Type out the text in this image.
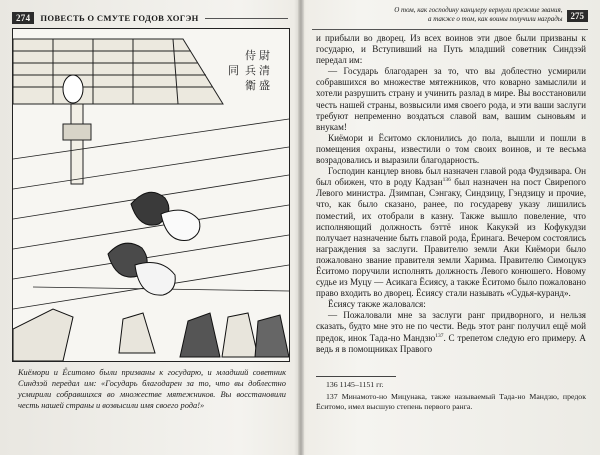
274	ПОВЕСТЬ О СМУТЕ ГОДОВ ХОГЭН
侍
兵
衛
尉
清
盛
同
Киёмори и Ёситомо были призваны к государю, и младший советник Синдзэй передал им: «Государь благодарен за то, что вы доблестно усмирили собравшихся во множестве мятежников. Вы восстановили честь нашей страны и возвысили имя своего рода!»
О том, как господину канцлеру вернули прежние звания,
а также о том, как воины получили награды 275

и прибыли во дворец. Из всех воинов эти двое были призваны к государю, и Вступивший на Путь младший советник Синдзэй передал им:

— Государь благодарен за то, что вы доблестно усмирили собравшихся во множестве мятежников, что коварно замыслили и хотели разрушить страну и учинить разлад в мире. Вы восстановили честь нашей страны, возвысили имя своего рода, и эти ваши заслуги требуют непременно воздаться славой вам, вашим сыновьям и внукам!

Киёмори и Ёситомо склонились до пола, вышли и пошли в помещения охраны, известили о том своих воинов, и те весьма возрадовались и выразили благодарность.

Господин канцлер вновь был назначен главой рода Фудзивара. Он был обижен, что в роду Кадзан$^{136}$ был назначен на пост Свирепого Левого министра. Дзимпан, Сэнгаку, Синдзицу, Гэндзицу и прочие, что, как было сказано, ранее, по государеву указу лишились поместий, их отобрали в казну. Также вышло повеление, что исполняющий должность бэттё инок Какукэй из Кофукудзи получает назначение быть главой рода, Ёринага. Вечером состоялись награждения за заслуги. Правителю земли Аки Киёмори было пожаловано звание правителя земли Харима. Правителю Симоцукэ Ёситомо поручили исполнять должность Левого конюшего. Новому судье из Муцу — Асикага Ёсиясу, а также Ёситомо было пожаловано право входить во дворец. Ёсиясу стали называть «Судья-куранд».

Ёсиясу также жаловался:

— Пожаловали мне за заслуги ранг придворного, и нельзя сказать, будто мне это не по чести. Ведь этот ранг получил ещё мой предок, инок Тада-но Мандзю$^{137}$. С трепетом следую его примеру. А ведь я в помощниках Правого

136 1145–1151 гг.

137 Минамото-но Мицунака, также называемый Тада-но Мандзю, предок Ёситомо, имел высшую степень первого ранга.
